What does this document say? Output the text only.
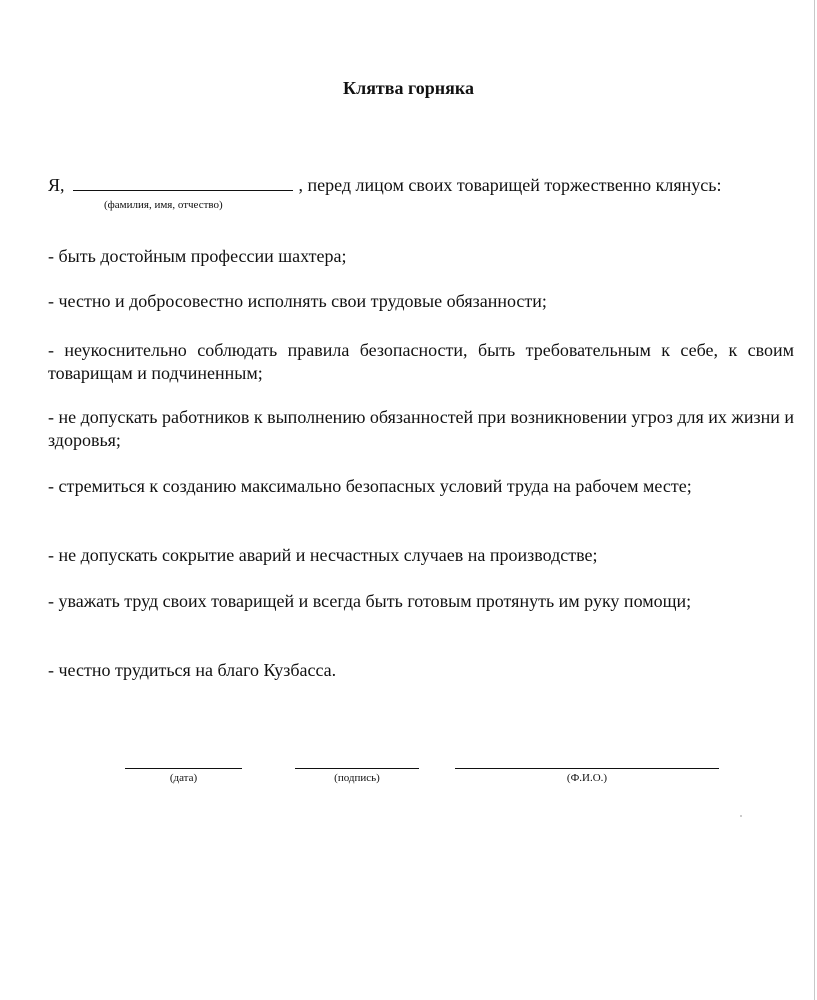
Клятва горняка
Я,	, перед лицом своих товарищей торжественно клянусь:
(фамилия, имя, отчество)
- быть достойным профессии шахтера;
- честно и добросовестно исполнять свои трудовые обязанности;
- неукоснительно соблюдать правила безопасности, быть требовательным к себе, к своим товарищам и подчиненным;
- не допускать работников к выполнению обязанностей при возникновении угроз для их жизни и здоровья;
- стремиться к созданию максимально безопасных условий труда на рабочем месте;
- не допускать сокрытие аварий и несчастных случаев на производстве;
- уважать труд своих товарищей и всегда быть готовым протянуть им руку помощи;
- честно трудиться на благо Кузбасса.
(дата)	(подпись)	(Ф.И.О.)
